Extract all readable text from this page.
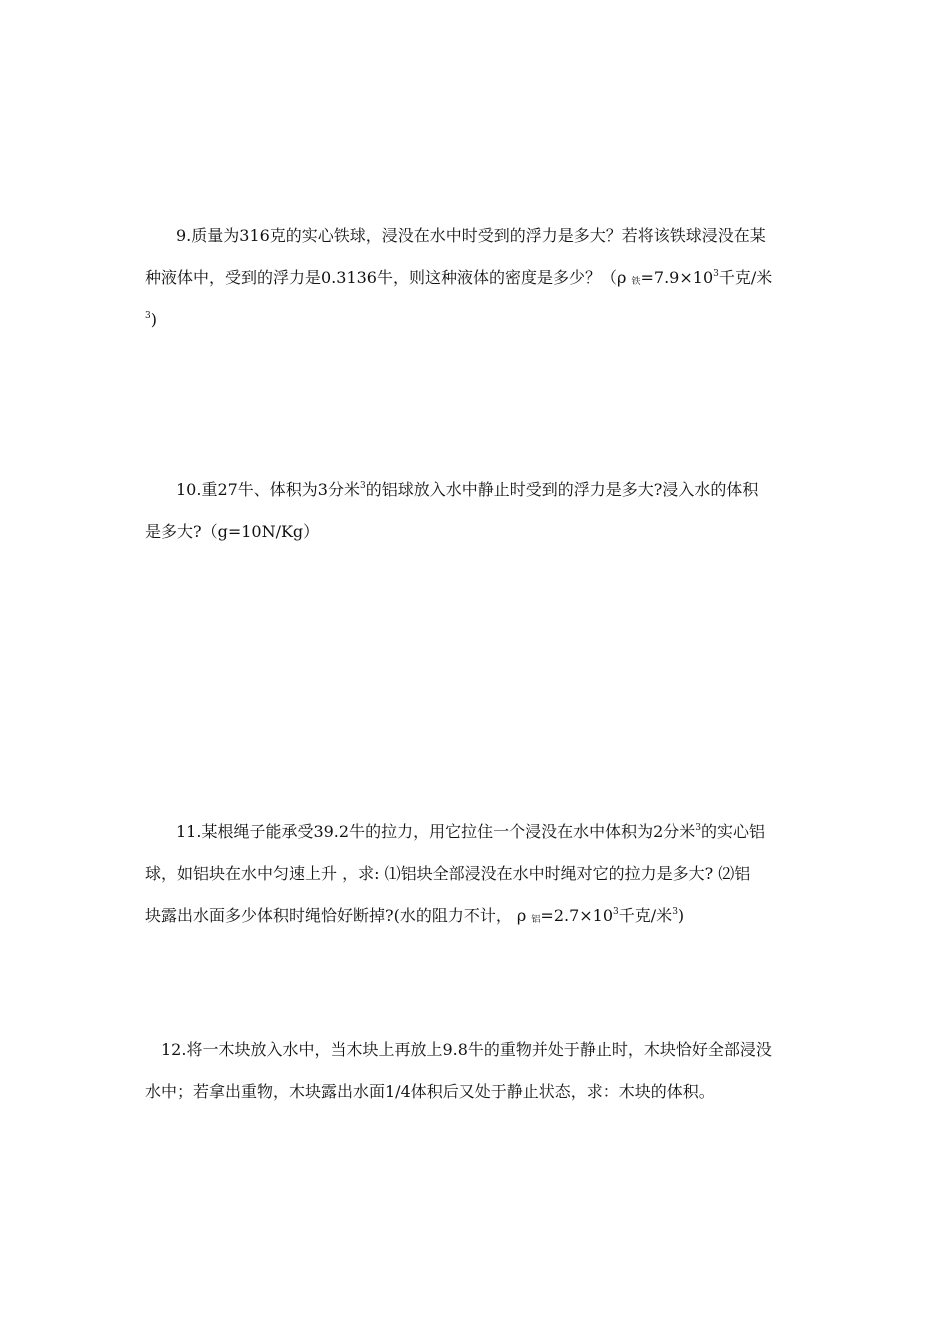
9.质量为316克的实心铁球，浸没在水中时受到的浮力是多大？若将该铁球浸没在某
种液体中，受到的浮力是0.3136牛，则这种液体的密度是多少？（ρ $_铁=7.9\times 10^3$千克/米
$^3$)
10.重27牛、体积为3分米$^3$的铝球放入水中静止时受到的浮力是多大?浸入水的体积
是多大?（g=10N/Kg）
11.某根绳子能承受39.2牛的拉力，用它拉住一个浸没在水中体积为2分米$^3$的实心铝
球，如铝块在水中匀速上升 ，求: ⑴铝块全部浸没在水中时绳对它的拉力是多大? ⑵铝
块露出水面多少体积时绳恰好断掉?(水的阻力不计， ρ $_铝=2.7\times 10^3$千克/米$^3$)
12.将一木块放入水中，当木块上再放上9.8牛的重物并处于静止时，木块恰好全部浸没
水中；若拿出重物，木块露出水面1/4体积后又处于静止状态，求：木块的体积。
